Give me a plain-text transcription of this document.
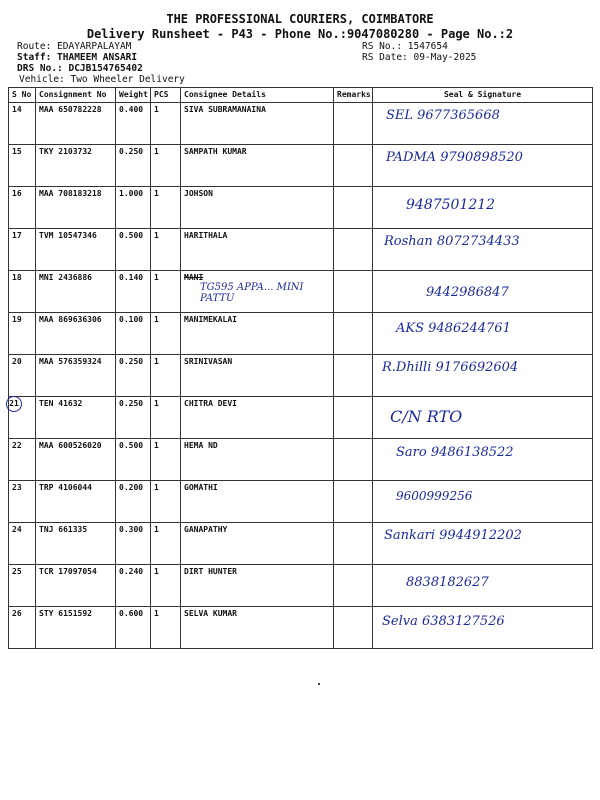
THE PROFESSIONAL COURIERS, COIMBATORE
Delivery Runsheet - P43 - Phone No.:9047080280 - Page No.:2
Route: EDAYARPALAYAM
Staff: THAMEEM ANSARI
DRS No.: DCJB154765402
Vehicle: Two Wheeler Delivery
RS No.: 1547654
RS Date: 09-May-2025
S No	Consignment No	Weight	PCS	Consignee Details	Remarks	Seal & Signature
14	MAA 650782228	0.400	1	SIVA SUBRAMANAINA		SEL 9677365668

15	TKY 2103732	0.250	1	SAMPATH KUMAR		PADMA 9790898520

16	MAA 708183218	1.000	1	JOHSON		9487501212

17	TVM 10547346	0.500	1	HARITHALA		Roshan 8072734433

18	MNI 2436886	0.140	1	MANI
TG595 APPA... MINI PATTU		9442986847

19	MAA 869636306	0.100	1	MANIMEKALAI		AKS 9486244761

20	MAA 576359324	0.250	1	SRINIVASAN		R.Dhilli 9176692604

21	TEN 41632	0.250	1	CHITRA DEVI		C/N RTO

22	MAA 600526020	0.500	1	HEMA ND		Saro 9486138522

23	TRP 4106044	0.200	1	GOMATHI		9600999256

24	TNJ 661335	0.300	1	GANAPATHY		Sankari 9944912202

25	TCR 17097054	0.240	1	DIRT HUNTER		8838182627

26	STY 6151592	0.600	1	SELVA KUMAR		Selva 6383127526
